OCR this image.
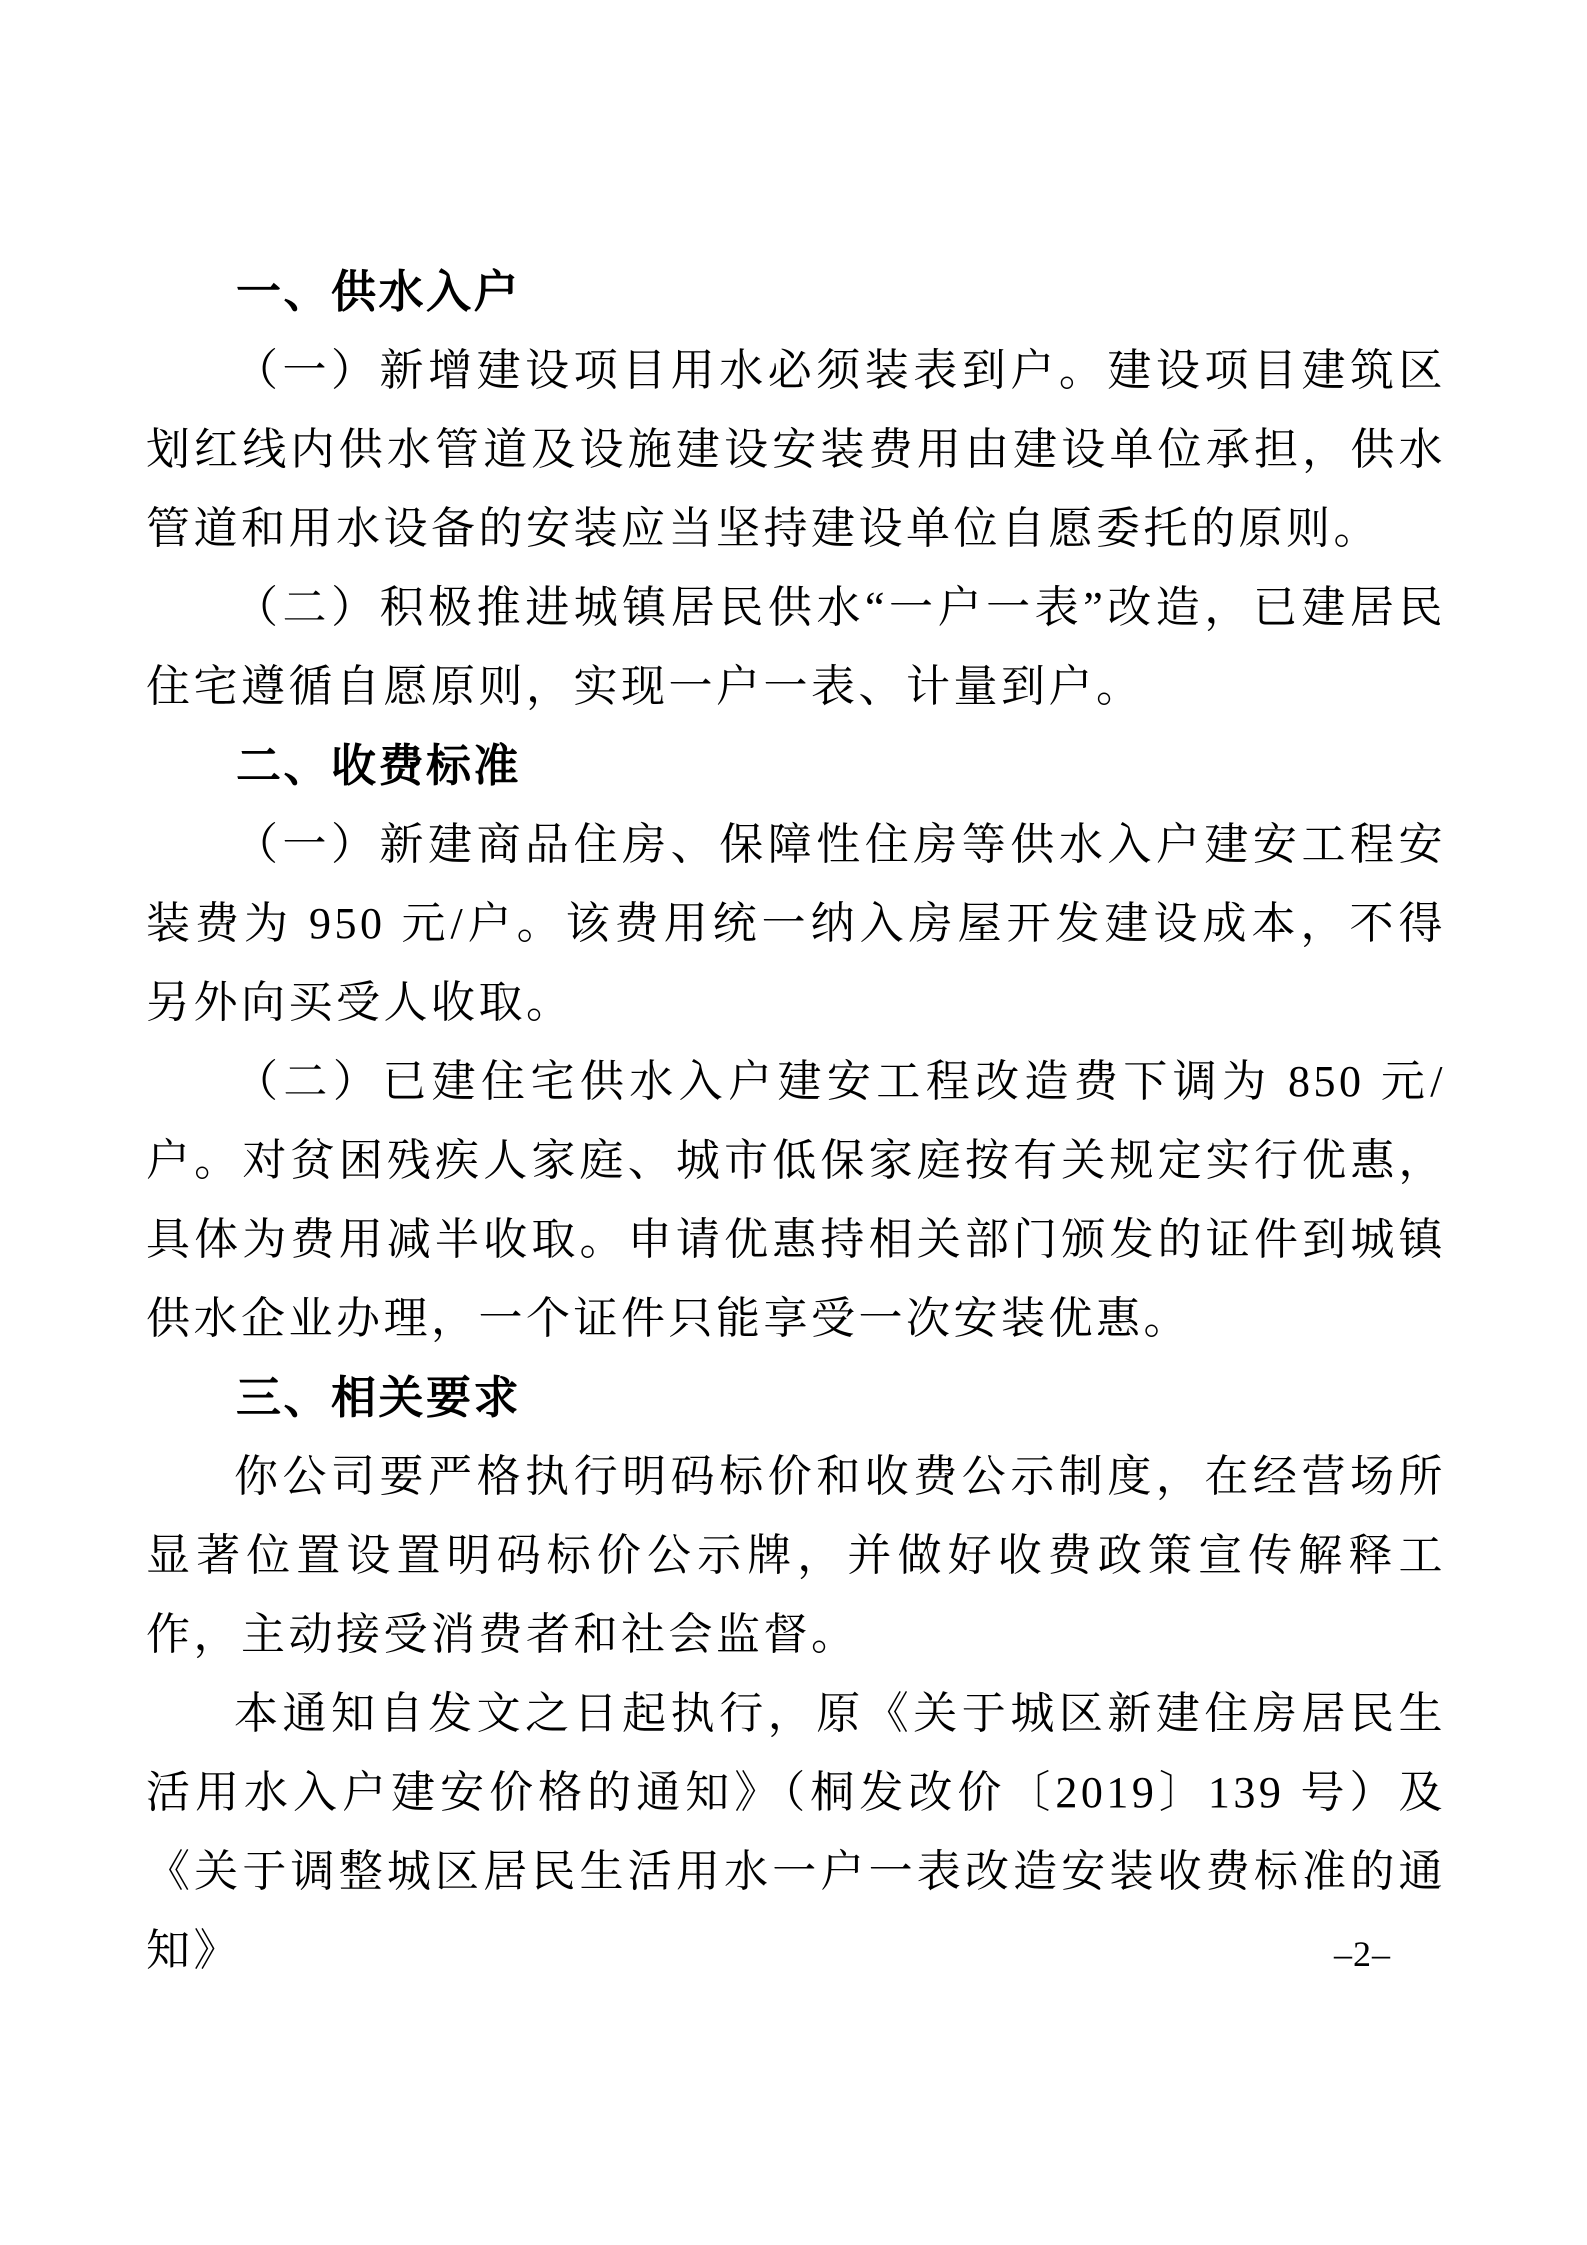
一、供水入户

（一）新增建设项目用水必须装表到户。建设项目建筑区划红线内供水管道及设施建设安装费用由建设单位承担，供水管道和用水设备的安装应当坚持建设单位自愿委托的原则。

（二）积极推进城镇居民供水“一户一表”改造，已建居民住宅遵循自愿原则，实现一户一表、计量到户。

二、收费标准

（一）新建商品住房、保障性住房等供水入户建安工程安装费为 950 元/户。该费用统一纳入房屋开发建设成本，不得另外向买受人收取。

（二）已建住宅供水入户建安工程改造费下调为 850 元/户。对贫困残疾人家庭、城市低保家庭按有关规定实行优惠，具体为费用减半收取。申请优惠持相关部门颁发的证件到城镇供水企业办理，一个证件只能享受一次安装优惠。

三、相关要求

你公司要严格执行明码标价和收费公示制度，在经营场所显著位置设置明码标价公示牌，并做好收费政策宣传解释工作，主动接受消费者和社会监督。

本通知自发文之日起执行，原《关于城区新建住房居民生活用水入户建安价格的通知》（桐发改价〔2019〕139 号）及《关于调整城区居民生活用水一户一表改造安装收费标准的通知》	–2–
